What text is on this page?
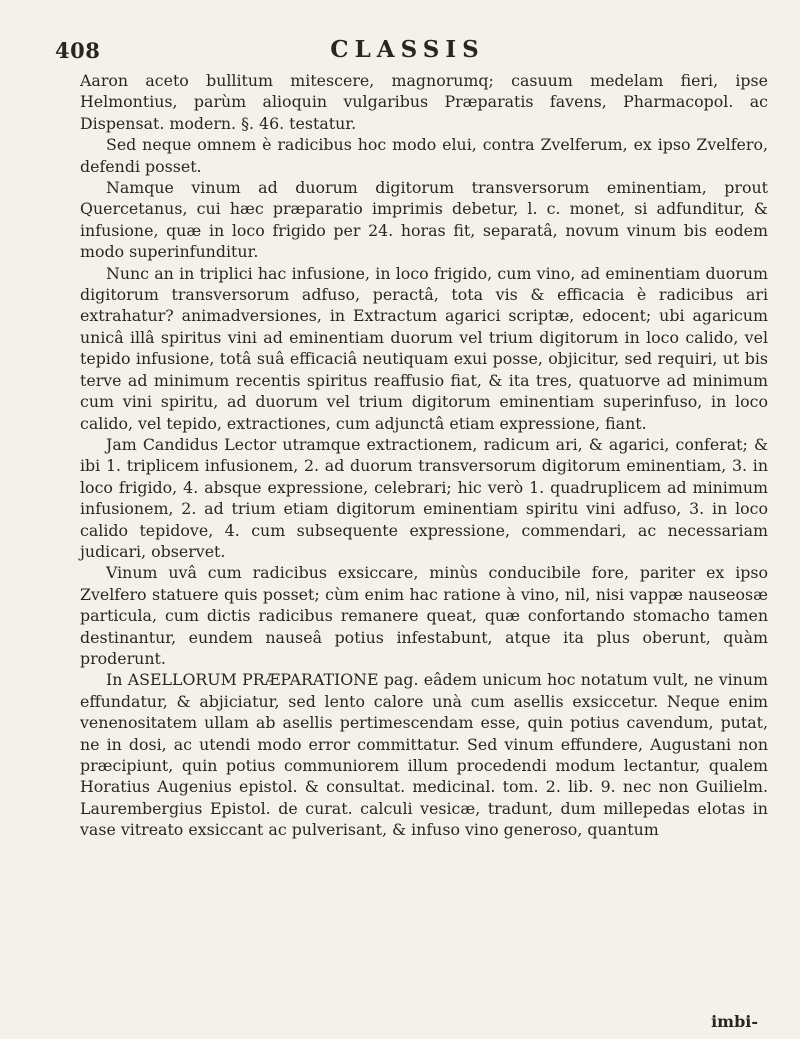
408	CLASSIS

Aaron aceto bullitum mitescere, magnorumq; casuum medelam fieri, ipse Helmontius, parùm alioquin vulgaribus Præparatis favens, Pharmacopol. ac Dispensat. modern. §. 46. testatur.

Sed neque omnem è radicibus hoc modo elui, contra Zvelferum, ex ipso Zvelfero, defendi posset.

Namque vinum ad duorum digitorum transversorum eminentiam, prout Quercetanus, cui hæc præparatio imprimis debetur, l. c. monet, si adfunditur, & infusione, quæ in loco frigido per 24. horas fit, separatâ, novum vinum bis eodem modo superinfunditur.

Nunc an in triplici hac infusione, in loco frigido, cum vino, ad eminentiam duorum digitorum transversorum adfuso, peractâ, tota vis & efficacia è radicibus ari extrahatur? animadversiones, in Extractum agarici scriptæ, edocent; ubi agaricum unicâ illâ spiritus vini ad eminentiam duorum vel trium digitorum in loco calido, vel tepido infusione, totâ suâ efficaciâ neutiquam exui posse, objicitur, sed requiri, ut bis terve ad minimum recentis spiritus reaffusio fiat, & ita tres, quatuorve ad minimum cum vini spiritu, ad duorum vel trium digitorum eminentiam superinfuso, in loco calido, vel tepido, extractiones, cum adjunctâ etiam expressione, fiant.

Jam Candidus Lector utramque extractionem, radicum ari, & agarici, conferat; & ibi 1. triplicem infusionem, 2. ad duorum transversorum digitorum eminentiam, 3. in loco frigido, 4. absque expressione, celebrari; hic verò 1. quadruplicem ad minimum infusionem, 2. ad trium etiam digitorum eminentiam spiritu vini adfuso, 3. in loco calido tepidove, 4. cum subsequente expressione, commendari, ac necessariam judicari, observet.

Vinum uvâ cum radicibus exsiccare, minùs conducibile fore, pariter ex ipso Zvelfero statuere quis posset; cùm enim hac ratione à vino, nil, nisi vappæ nauseosæ particula, cum dictis radicibus remanere queat, quæ confortando stomacho tamen destinantur, eundem nauseâ potius infestabunt, atque ita plus oberunt, quàm proderunt.

In ASELLORUM PRÆPARATIONE pag. eâdem unicum hoc notatum vult, ne vinum effundatur, & abjiciatur, sed lento calore unà cum asellis exsiccetur. Neque enim venenositatem ullam ab asellis pertimescendam esse, quin potius cavendum, putat, ne in dosi, ac utendi modo error committatur. Sed vinum effundere, Augustani non præcipiunt, quin potius communiorem illum procedendi modum lectantur, qualem Horatius Augenius epistol. & consultat. medicinal. tom. 2. lib. 9. nec non Guilielm. Laurembergius Epistol. de curat. calculi vesicæ, tradunt, dum millepedas elotas in vase vitreato exsiccant ac pulverisant, & infuso vino generoso, quantum

imbi-
